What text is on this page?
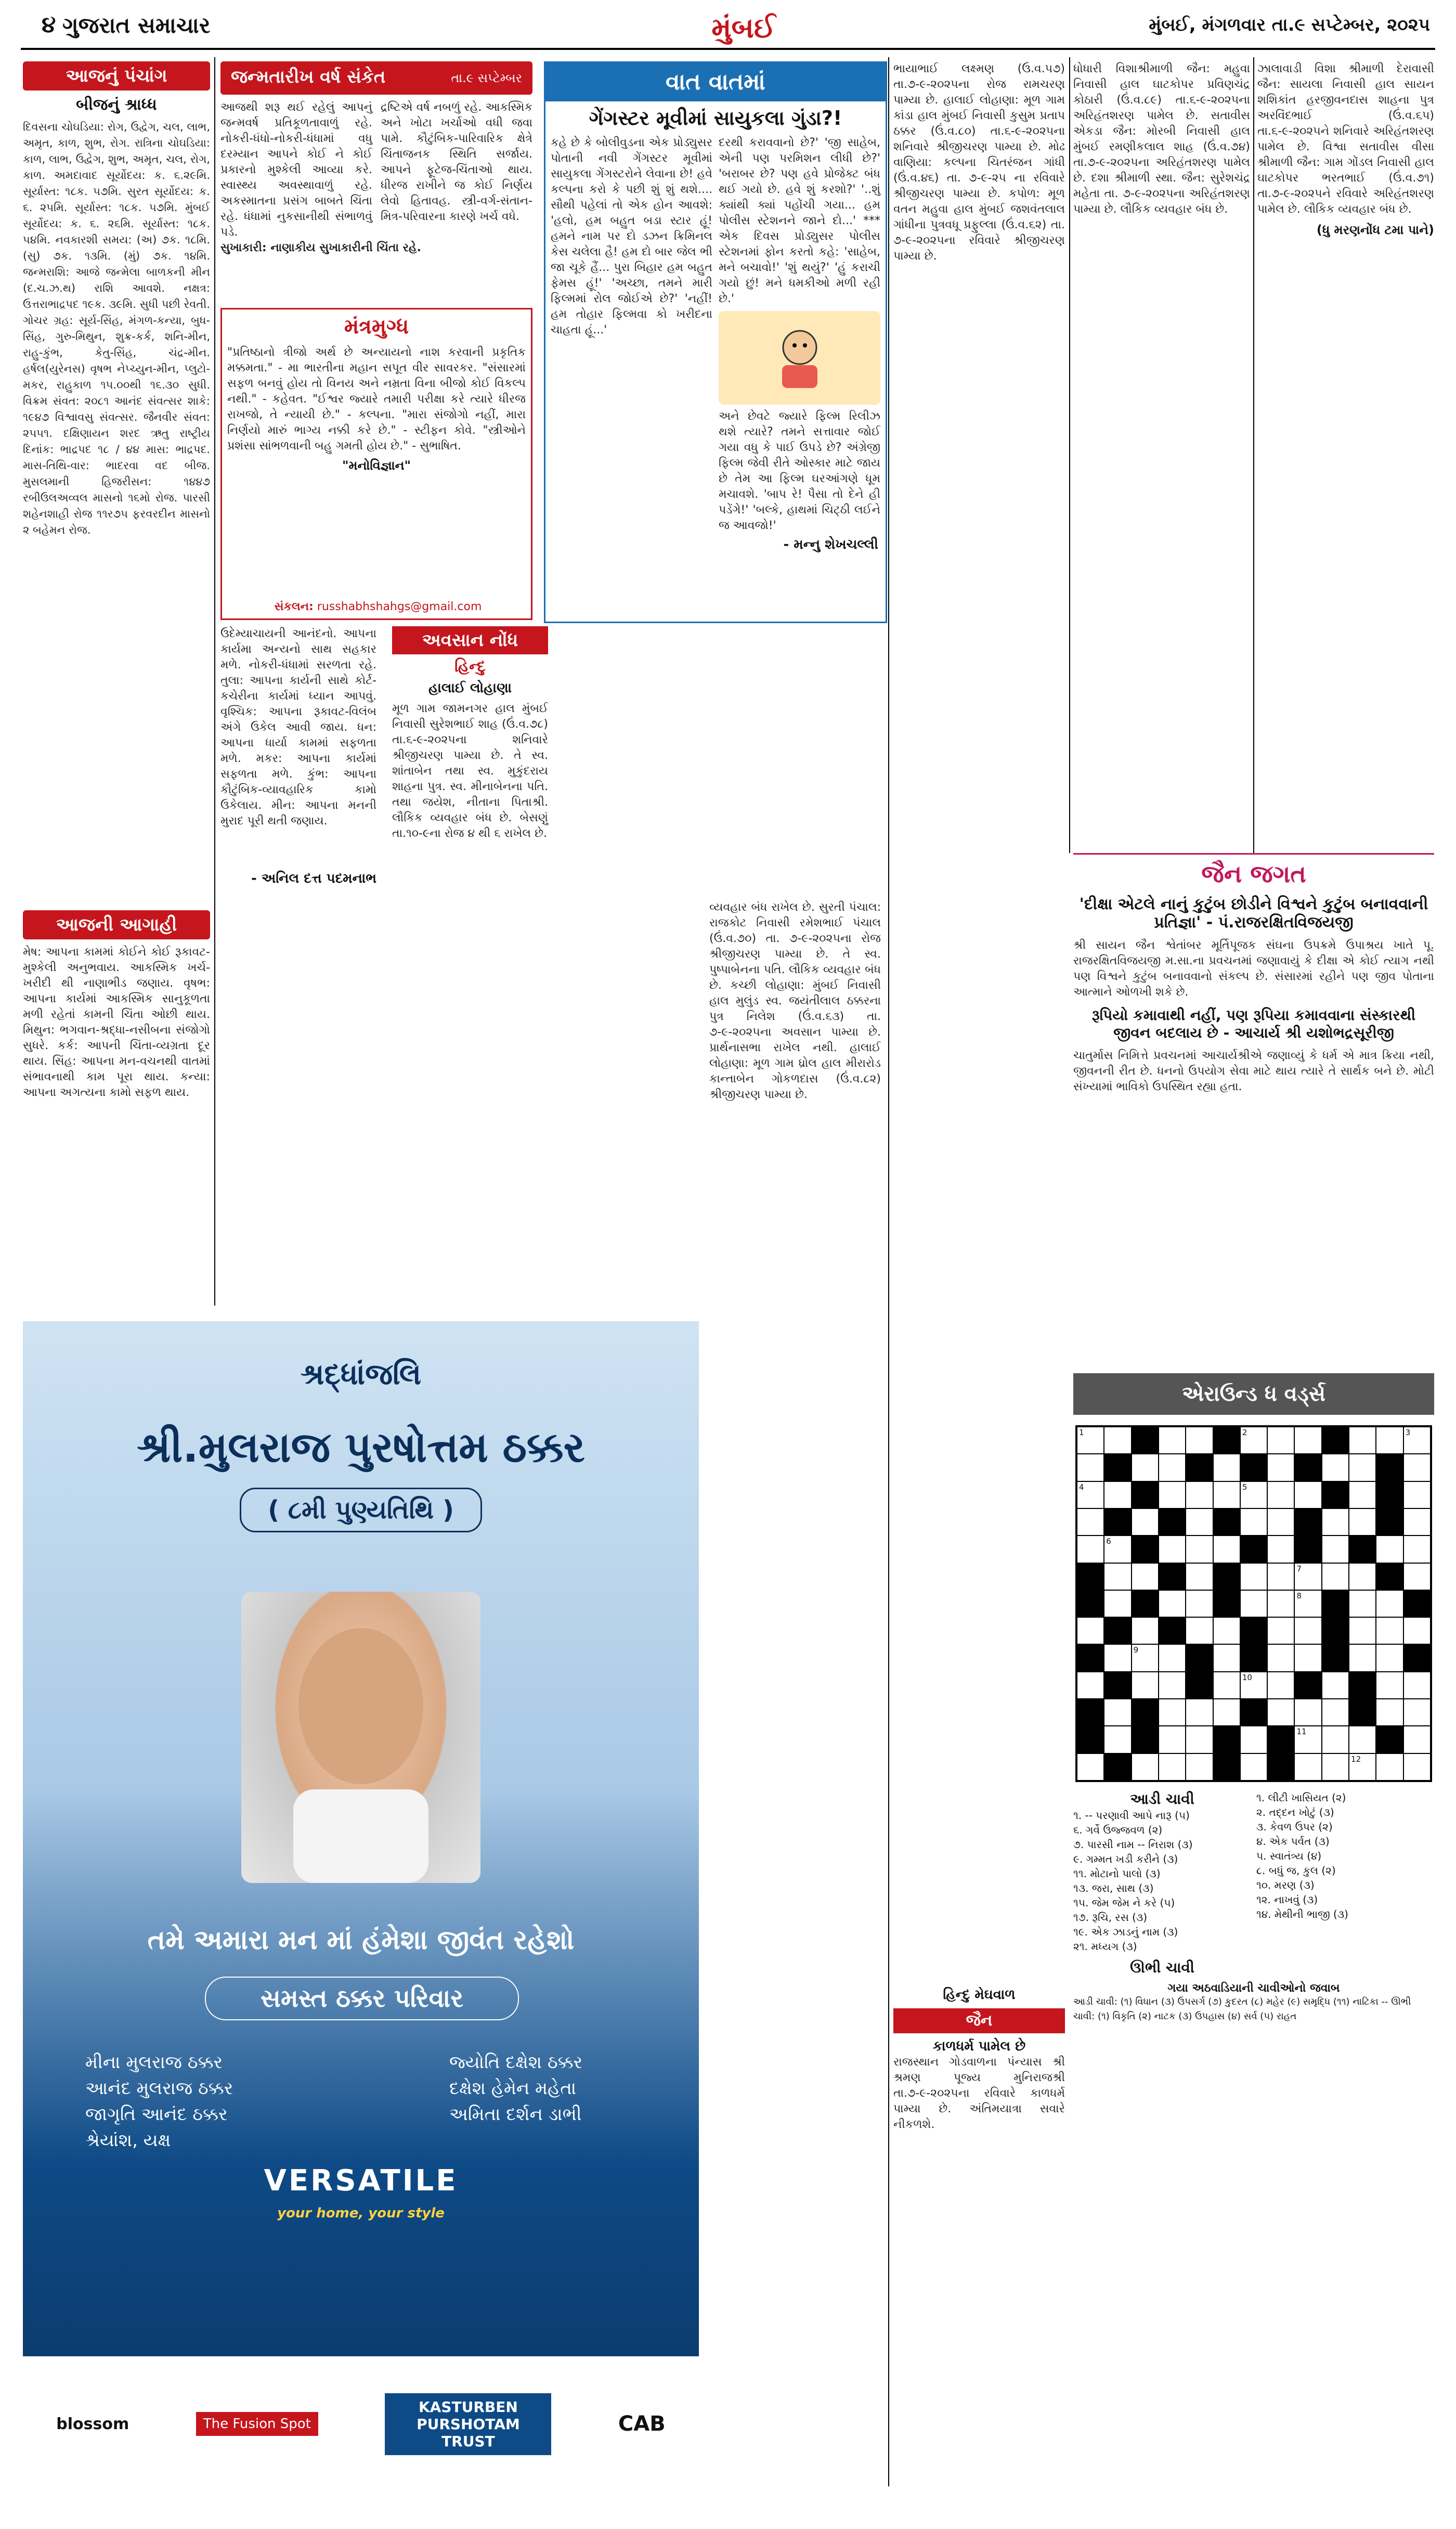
૪ ગુજરાત સમાચાર	મુંબઈ	મુંબઈ, મંગળવાર તા.૯ સપ્ટેમ્બર, ૨૦૨૫
આજનું પંચાંગ
બીજનું શ્રાધ્ધ
દિવસના ચોઘડિયા: રોગ, ઉદ્વેગ, ચલ, લાભ, અમૃત, કાળ, શુભ, રોગ. રાત્રિના ચોઘડિયા: કાળ, લાભ, ઉદ્વેગ, શુભ, અમૃત, ચલ, રોગ, કાળ. અમદાવાદ સૂર્યોદય: ક. ૬.૨૯મિ. સૂર્યાસ્ત: ૧૮ક. ૫૭મિ. સુરત સૂર્યોદય: ક. ૬. ૨૫મિ. સૂર્યાસ્ત: ૧૮ક. ૫૭મિ. મુંબઈ સૂર્યોદય: ક. ૬. ૨૬મિ. સૂર્યાસ્ત: ૧૮ક. ૫૪મિ. નવકારશી સમય: (અ) ૭ક. ૧૮મિ. (સુ) ૭ક. ૧૩મિ. (મું) ૭ક. ૧૪મિ. જન્મરાશિ: આજે જન્મેલા બાળકની મીન (દ.ચ.ઝ.થ) રાશિ આવશે. નક્ષત્ર: ઉત્તરાભાદ્રપદ ૧૯ક. ૩૯મિ. સુધી પછી રેવતી. ગોચર ગ્રહ: સૂર્ય-સિંહ, મંગળ-કન્યા, બુધ-સિંહ, ગુરુ-મિથુન, શુક્ર-કર્ક, શનિ-મીન, રાહુ-કુંભ, કેતુ-સિંહ, ચંદ્ર-મીન. હર્ષલ(યુરેનસ) વૃષભ નેપ્ચ્યુન-મીન, પ્લુટો-મકર, રાહુકાળ ૧૫.૦૦થી ૧૬.૩૦ સુધી. વિક્રમ સંવત: ૨૦૮૧ આનંદ સંવત્સર શાકે: ૧૯૪૭ વિશ્વાવસુ સંવત્સર. જૈનવીર સંવત: ૨૫૫૧. દક્ષિણાયન શરદ ઋતુ રાષ્ટ્રીય દિનાંક: ભાદ્રપદ ૧૮ / ૪૪ માસ: ભાદ્રપદ. માસ-તિથિ-વાર: ભાદરવા વદ બીજ. મુસલમાની હિજરીસન: ૧૪૪૭ રબીઉલઅવ્વલ માસનો ૧૬મો રોજ. પારસી શહેનશાહી રોજ ૧૧ર૭૫ ફરવરદીન માસનો ૨ બહેમન રોજ.
જન્મતારીખ વર્ષ સંકેત	તા.૯ સપ્ટેમ્બર
આજથી શરૂ થઈ રહેલું આપનું જન્મવર્ષ પ્રતિકૂળતાવાળું રહે. નોકરી-ધંધો-નોકરી-ધંધામાં વધુ દરમ્યાન આપને કોઈ ને કોઈ પ્રકારનો મુશ્કેલી આવ્યા કરે. સ્વાસ્થ્ય અવસ્થાવાળું રહે. અકસ્માતના પ્રસંગ બાબતે ચિંતા રહે. ધંધામાં નુકસાનીથી સંભાળવું પડે.
દ્રષ્ટિએ વર્ષ નબળું રહે. આકસ્મિક અને ખોટા ખર્ચાઓ વધી જવા પામે. કૌટુંબિક-પારિવારિક ક્ષેત્રે ચિંતાજનક સ્થિતિ સર્જાય. આપને ફૂટેજ-ચિંતાઓ થાય. ધીરજ રાખીને જ કોઈ નિર્ણય લેવો હિતાવહ. સ્ત્રી-વર્ગ-સંતાન-મિત્ર-પરિવારના કારણે ખર્ચ વધે.
સુખાકારી: નાણાકીય સુખાકારીની ચિંતા રહે.
મંત્રમુગ્ધ
"પ્રતિષ્ઠાનો ત્રીજો અર્થ છે અન્યાયનો નાશ કરવાની પ્રકૃતિક મક્કમતા." - મા ભારતીના મહાન સપૂત વીર સાવરકર. "સંસારમાં સફળ બનવું હોય તો વિનય અને નમ્રતા વિના બીજો કોઈ વિકલ્પ નથી." - કહેવત. "ઈશ્વર જ્યારે તમારી પરીક્ષા કરે ત્યારે ધીરજ રાખજો, તે ન્યાયી છે." - કલ્પના. "મારા સંજોગો નહીં, મારા નિર્ણયો મારું ભાગ્ય નક્કી કરે છે." - સ્ટીફન કોવે. "સ્ત્રીઓને પ્રશંસા સાંભળવાની બહુ ગમતી હોય છે." - સુભાષિત.
"મનોવિજ્ઞાન"
સંકલન: russhabhshahgs@gmail.com
વાત વાતમાં
ગેંગસ્ટર મૂવીમાં સાયુકલા ગુંડા?!
કહે છે કે બોલીવુડના એક પ્રોડ્યુસર પોતાની નવી ગેંગસ્ટર મૂવીમાં સાયુકલા ગેંગસ્ટરોને લેવાના છે! હવે કલ્પના કરો કે પછી શું શું થશે.... સૌથી પહેલાં તો એક હોન આવશે: 'હલો, હમ બહુત બડા સ્ટાર હૂં! હમને નામ પર દો ડઝન ક્રિમિનલ કેસ ચલેલા હૈ! હમ દો બાર જેલ ભી જા ચૂકે હૈં... પુરા બિહાર હમ બહુત ફેમસ હૂં!' 'અચ્છા, તમને મારી ફિલ્મમાં રોલ જોઈએ છે?' 'નહીં! હમ તોહાર ફિલ્મવા કો ખરીદના ચાહતા હૂં...'
દરથી કરાવવાનો છે?' 'જી સાહેબ, એની પણ પરમિશન લીધી છે?' 'બરાબર છે? પણ હવે પ્રોજેક્ટ બંધ થઈ ગયો છે. હવે શું કરશો?' '..શું ક્યાંથી ક્યાં પહોંચી ગયા... હમ પોલીસ સ્ટેશનને જાને દો...' *** એક દિવસ પ્રોડ્યુસર પોલીસ સ્ટેશનમાં ફોન કરતો કહે: 'સાહેબ, મને બચાવો!' 'શું થયું?' 'હું કરાચી ગયો છું! મને ધમકીઓ મળી રહી છે.'
અને છેવટે જ્યારે ફિલ્મ રિલીઝ થશે ત્યારે? તમને સત્તાવાર જોઈ ગયા વધુ કે પાઈ ઉપડે છે? અંગ્રેજી ફિલ્મ જેવી રીતે ઓસ્કાર માટે જાય છે તેમ આ ફિલ્મ ઘરઆંગણે ધૂમ મચાવશે. 'બાપ રે! પૈસા તો દેને હી પડેંગે!' 'બલ્કે, હાથમાં ચિટ્ઠી લઈને જ આવજો!'
- મન્નુ શેખચલ્લી
અવસાન નોંધ
હિન્દુ
ઉદેમ્યાચાયની આનંદનો. આપના કાર્યમા અન્યનો સાથ સહકાર મળે. નોકરી-ધંધામાં સરળતા રહે. તુલા: આપના કાર્યની સાથે કોર્ટ-કચેરીના કાર્યમાં ધ્યાન આપવું. વૃશ્ચિક: આપના રૂકાવટ-વિલંબ અંગે ઉકેલ આવી જાય. ધન: આપના ધાર્યા કામમાં સફળતા મળે. મકર: આપના કાર્યમાં સફળતા મળે. કુંભ: આપના કૌટુંબિક-વ્યાવહારિક કામો ઉકેલાય. મીન: આપના મનની મુરાદ પૂરી થતી જણાય.
હાલાઈ લોહાણા
મૂળ ગામ જામનગર હાલ મુંબઈ નિવાસી સુરેશભાઈ શાહ (ઉં.વ.૭૮) તા.૬-૯-૨૦૨૫ના શનિવારે શ્રીજીચરણ પામ્યા છે. તે સ્વ. શાંતાબેન તથા સ્વ. મુકુંદરાય શાહના પુત્ર. સ્વ. મીનાબેનના પતિ. તથા જયેશ, નીતાના પિતાશ્રી. લૌકિક વ્યવહાર બંધ છે. બેસણું તા.૧૦-૯ના રોજ ૪ થી ૬ રાખેલ છે.
- અનિલ દત્ત પદમનાભ
આજની આગાહી
મેષ: આપના કામમાં કોઈને કોઈ રૂકાવટ-મુશ્કેલી અનુભવાય. આકસ્મિક ખર્ચ-ખરીદી થી નાણાભીડ જણાય. વૃષભ: આપના કાર્યમાં આકસ્મિક સાનુકૂળતા મળી રહેતાં કામની ચિંતા ઓછી થાય. મિથુન: ભગવાન-શ્રદ્ધા-નસીબના સંજોગો સુધરે. કર્ક: આપની ચિંતા-વ્યગ્રતા દૂર થાય. સિંહ: આપના મન-વચનથી વાતમાં સંભાવનાથી કામ પૂરા થાય. કન્યા: આપના અગત્યના કામો સફળ થાય.
શ્રદ્ધાંજલિ
શ્રી.મુલરાજ પુરષોત્તમ ઠક્કર
( ૮મી પુણ્યતિથિ )
તમે અમારા મન માં હંમેશા જીવંત રહેશો
સમસ્ત ઠક્કર પરિવાર
મીના મુલરાજ ઠક્કર
આનંદ મુલરાજ ઠક્કર
જાગૃતિ આનંદ ઠક્કર
શ્રેયાંશ, યક્ષ
જ્યોતિ દક્ષેશ ઠક્કર
દક્ષેશ હેમેન મહેતા
અમિતા દર્શન ડાભી
VERSATILE
your home, your style
blossom	The Fusion Spot
KASTURBEN PURSHOTAM TRUST
CAB
વ્યવહાર બંધ રાખેલ છે. સુરતી પંચાલ: રાજકોટ નિવાસી રમેશભાઈ પંચાલ (ઉં.વ.૭૦) તા. ૭-૯-૨૦૨૫ના રોજ શ્રીજીચરણ પામ્યા છે. તે સ્વ. પુષ્પાબેનના પતિ. લૌકિક વ્યવહાર બંધ છે. કચ્છી લોહાણા: મુંબઈ નિવાસી હાલ મુલુંડ સ્વ. જયંતીલાલ ઠક્કરના પુત્ર નિલેશ (ઉં.વ.૬૩) તા. ૭-૯-૨૦૨૫ના અવસાન પામ્યા છે. પ્રાર્થનાસભા રાખેલ નથી. હાલાઈ લોહાણા: મૂળ ગામ ધ્રોલ હાલ મીરારોડ કાન્તાબેન ગોકળદાસ (ઉં.વ.૮૨) શ્રીજીચરણ પામ્યા છે.
ભાયાભાઈ લક્ષ્મણ (ઉં.વ.૫૭) તા.૭-૯-૨૦૨૫ના રોજ રામચરણ પામ્યા છે. હાલાઈ લોહાણા: મૂળ ગામ કાંડા હાલ મુંબઈ નિવાસી કુસુમ પ્રતાપ ઠક્કર (ઉં.વ.૮૦) તા.૬-૯-૨૦૨૫ના શનિવારે શ્રીજીચરણ પામ્યા છે. મોઢ વાણિયા: કલ્પના ચિતરંજન ગાંધી (ઉં.વ.૪૬) તા. ૭-૯-૨૫ ના રવિવારે શ્રીજીચરણ પામ્યા છે. કપોળ: મૂળ વતન મહુવા હાલ મુંબઈ જશવંતલાલ ગાંધીના પુત્રવધૂ પ્રફુલ્લા (ઉં.વ.૬૨) તા. ૭-૯-૨૦૨૫ના રવિવારે શ્રીજીચરણ પામ્યા છે.
ધોધારી વિશાશ્રીમાળી જૈન: મહુવા નિવાસી હાલ ઘાટકોપર પ્રવિણચંદ્ર કોઠારી (ઉં.વ.૮૯) તા.૬-૯-૨૦૨૫ના અરિહંતશરણ પામેલ છે. સતાવીસ એકડા જૈન: મોરબી નિવાસી હાલ મુંબઈ રમણીકલાલ શાહ (ઉં.વ.૭૪) તા.૭-૯-૨૦૨૫ના અરિહંતશરણ પામેલ છે. દશા શ્રીમાળી સ્થા. જૈન: સુરેશચંદ્ર મહેતા તા. ૭-૯-૨૦૨૫ના અરિહંતશરણ પામ્યા છે. લૌકિક વ્યવહાર બંધ છે.
ઝાલાવાડી વિશા શ્રીમાળી દેરાવાસી જૈન: સાયલા નિવાસી હાલ સાયન શશિકાંત હરજીવનદાસ શાહના પુત્ર અરવિંદભાઈ (ઉં.વ.૬૫) તા.૬-૯-૨૦૨૫ને શનિવારે અરિહંતશરણ પામેલ છે. વિશ્વા સતાવીસ વીસા શ્રીમાળી જૈન: ગામ ગોંડલ નિવાસી હાલ ઘાટકોપર ભરતભાઈ (ઉં.વ.૭૧) તા.૭-૯-૨૦૨૫ને રવિવારે અરિહંતશરણ પામેલ છે. લૌકિક વ્યવહાર બંધ છે.
(ધુ મરણનોંધ ટમા પાને)
હિન્દુ મેઘવાળ
જૈન
કાળધર્મ પામેલ છે
રાજસ્થાન ગોડવાળના પંન્યાસ શ્રી શ્રમણ પૂજ્ય મુનિરાજશ્રી તા.૭-૯-૨૦૨૫ના રવિવારે કાળધર્મ પામ્યા છે. અંતિમયાત્રા સવારે નીકળશે.
જૈન જગત
'દીક્ષા એટલે નાનું કુટુંબ છોડીને વિશ્વને કુટુંબ બનાવવાની પ્રતિજ્ઞા' - પં.રાજરક્ષિતવિજયજી
શ્રી સાયન જૈન શ્વેતાંબર મૂર્તિપૂજક સંઘના ઉપક્રમે ઉપાશ્રય ખાતે પૂ. રાજરક્ષિતવિજયજી મ.સા.ના પ્રવચનમાં જણાવાયું કે દીક્ષા એ કોઈ ત્યાગ નથી પણ વિશ્વને કુટુંબ બનાવવાનો સંકલ્પ છે. સંસારમાં રહીને પણ જીવ પોતાના આત્માને ઓળખી શકે છે.
રૂપિયો કમાવાથી નહીં, પણ રૂપિયા કમાવવાના સંસ્કારથી જીવન બદલાય છે - આચાર્ય શ્રી યશોભદ્રસૂરીજી
ચાતુર્માસ નિમિત્તે પ્રવચનમાં આચાર્યશ્રીએ જણાવ્યું કે ધર્મ એ માત્ર ક્રિયા નથી, જીવનની રીત છે. ધનનો ઉપયોગ સેવા માટે થાય ત્યારે તે સાર્થક બને છે. મોટી સંખ્યામાં ભાવિકો ઉપસ્થિત રહ્યા હતા.
એરાઉન્ડ ધ વર્ડ્સ
1	2	3
4	5
6
7
8
9
10
11
12
આડી ચાવી
૧. -- પરણાવી આપે નારૂ (૫)
૬. ગર્વે ઉજ્જવળ (૨)
૭. પારસી નામ -- નિરાશ (૩)
૯. ગમ્મત ખડી કરીને (૩)
૧૧. મોટાનો પાલો (૩)
૧૩. જરા, સાથ (૩)
૧૫. જેમ જેમ ને કરે (૫)
૧૭. રૂચિ, રસ (૩)
૧૯. એક ઝાડનું નામ (૩)
૨૧. મધ્યગ (૩)
ઊભી ચાવી
૧. લીટી ખાસિયત (૨)
૨. તદ્દન ખોટું (૩)
૩. કેવળ ઉપર (૨)
૪. એક પર્વત (૩)
૫. સ્વાતંત્ર્ય (૪)
૮. બધું જ, કુલ (૨)
૧૦. મરણ (૩)
૧૨. નાખવું (૩)
૧૪. મેથીની ભાજી (૩)
ગયા અઠવાડિયાની ચાવીઓનો જવાબ
આડી ચાવી: (૧) વિધાન (૩) ઉપસર્ગ (૭) કુદરત (૮) મહેર (૯) સમૃદ્ધિ (૧૧) નાટિકા -- ઊભી ચાવી: (૧) વિકૃતિ (૨) નાટક (૩) ઉપહાસ (૪) સર્વ (૫) રાહત
